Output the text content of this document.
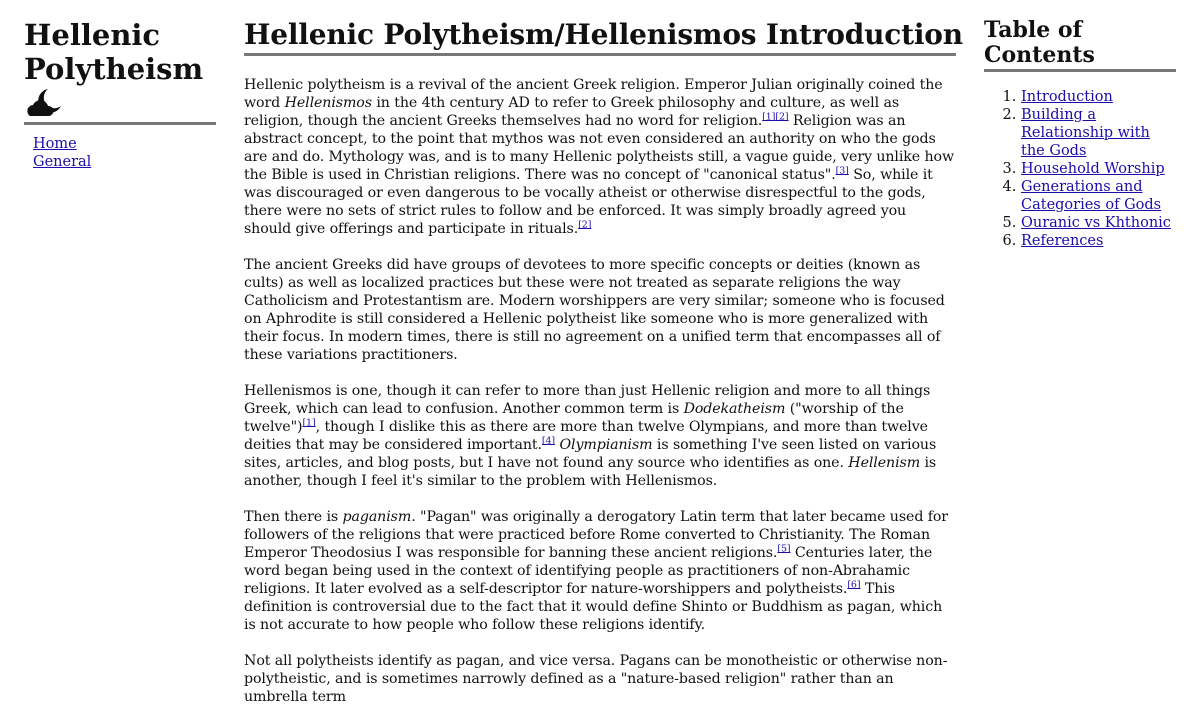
Hellenic Polytheism
Home
General
Hellenic Polytheism/Hellenismos Introduction

Hellenic polytheism is a revival of the ancient Greek religion. Emperor Julian originally coined the word Hellenismos in the 4th century AD to refer to Greek philosophy and culture, as well as religion, though the ancient Greeks themselves had no word for religion.[1][2] Religion was an abstract concept, to the point that mythos was not even considered an authority on who the gods are and do. Mythology was, and is to many Hellenic polytheists still, a vague guide, very unlike how the Bible is used in Christian religions. There was no concept of "canonical status".[3] So, while it was discouraged or even dangerous to be vocally atheist or otherwise disrespectful to the gods, there were no sets of strict rules to follow and be enforced. It was simply broadly agreed you should give offerings and participate in rituals.[2]

The ancient Greeks did have groups of devotees to more specific concepts or deities (known as cults) as well as localized practices but these were not treated as separate religions the way Catholicism and Protestantism are. Modern worshippers are very similar; someone who is focused on Aphrodite is still considered a Hellenic polytheist like someone who is more generalized with their focus. In modern times, there is still no agreement on a unified term that encompasses all of these variations practitioners.

Hellenismos is one, though it can refer to more than just Hellenic religion and more to all things Greek, which can lead to confusion. Another common term is Dodekatheism ("worship of the twelve")[1], though I dislike this as there are more than twelve Olympians, and more than twelve deities that may be considered important.[4] Olympianism is something I've seen listed on various sites, articles, and blog posts, but I have not found any source who identifies as one. Hellenism is another, though I feel it's similar to the problem with Hellenismos.

Then there is paganism. "Pagan" was originally a derogatory Latin term that later became used for followers of the religions that were practiced before Rome converted to Christianity. The Roman Emperor Theodosius I was responsible for banning these ancient religions.[5] Centuries later, the word began being used in the context of identifying people as practitioners of non-Abrahamic religions. It later evolved as a self-descriptor for nature-worshippers and polytheists.[6] This definition is controversial due to the fact that it would define Shinto or Buddhism as pagan, which is not accurate to how people who follow these religions identify.

Not all polytheists identify as pagan, and vice versa. Pagans can be monotheistic or otherwise non-polytheistic, and is sometimes narrowly defined as a "nature-based religion" rather than an umbrella term

Table of Contents
1. Introduction
2. Building a Relationship with the Gods
3. Household Worship
4. Generations and Categories of Gods
5. Ouranic vs Khthonic
6. References
